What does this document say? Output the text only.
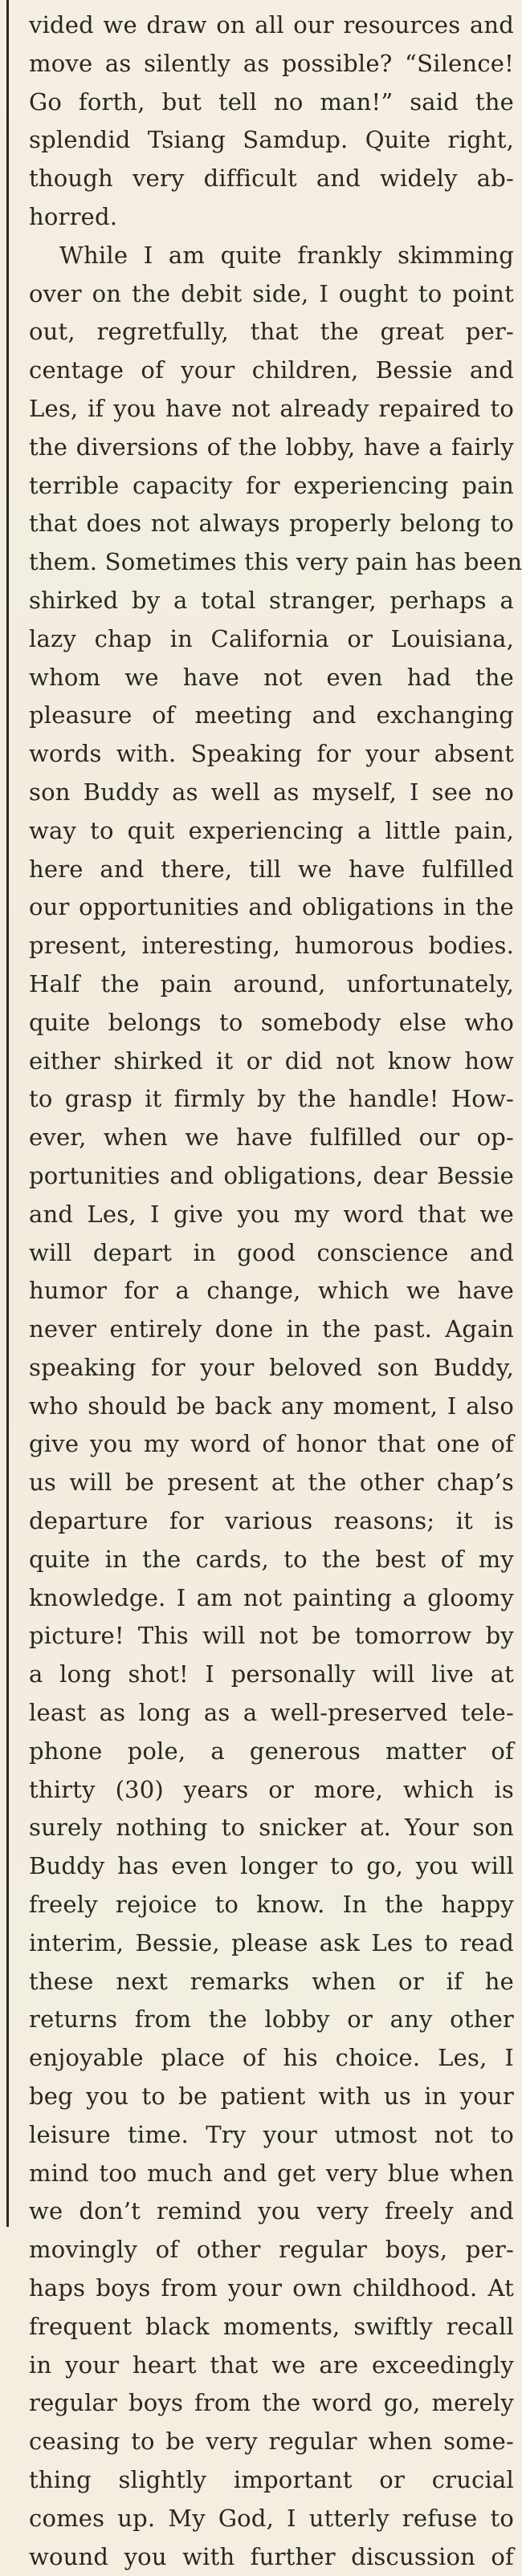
vided we draw on all our resources and
move as silently as possible? “Silence!
Go forth, but tell no man!” said the
splendid Tsiang Samdup. Quite right,
though very difficult and widely ab-
horred.
While I am quite frankly skimming
over on the debit side, I ought to point
out, regretfully, that the great per-
centage of your children, Bessie and
Les, if you have not already repaired to
the diversions of the lobby, have a fairly
terrible capacity for experiencing pain
that does not always properly belong to
them. Sometimes this very pain has been
shirked by a total stranger, perhaps a
lazy chap in California or Louisiana,
whom we have not even had the
pleasure of meeting and exchanging
words with. Speaking for your absent
son Buddy as well as myself, I see no
way to quit experiencing a little pain,
here and there, till we have fulfilled
our opportunities and obligations in the
present, interesting, humorous bodies.
Half the pain around, unfortunately,
quite belongs to somebody else who
either shirked it or did not know how
to grasp it firmly by the handle! How-
ever, when we have fulfilled our op-
portunities and obligations, dear Bessie
and Les, I give you my word that we
will depart in good conscience and
humor for a change, which we have
never entirely done in the past. Again
speaking for your beloved son Buddy,
who should be back any moment, I also
give you my word of honor that one of
us will be present at the other chap’s
departure for various reasons; it is
quite in the cards, to the best of my
knowledge. I am not painting a gloomy
picture! This will not be tomorrow by
a long shot! I personally will live at
least as long as a well-preserved tele-
phone pole, a generous matter of
thirty (30) years or more, which is
surely nothing to snicker at. Your son
Buddy has even longer to go, you will
freely rejoice to know. In the happy
interim, Bessie, please ask Les to read
these next remarks when or if he
returns from the lobby or any other
enjoyable place of his choice. Les, I
beg you to be patient with us in your
leisure time. Try your utmost not to
mind too much and get very blue when
we don’t remind you very freely and
movingly of other regular boys, per-
haps boys from your own childhood. At
frequent black moments, swiftly recall
in your heart that we are exceedingly
regular boys from the word go, merely
ceasing to be very regular when some-
thing slightly important or crucial
comes up. My God, I utterly refuse to
wound you with further discussion of
